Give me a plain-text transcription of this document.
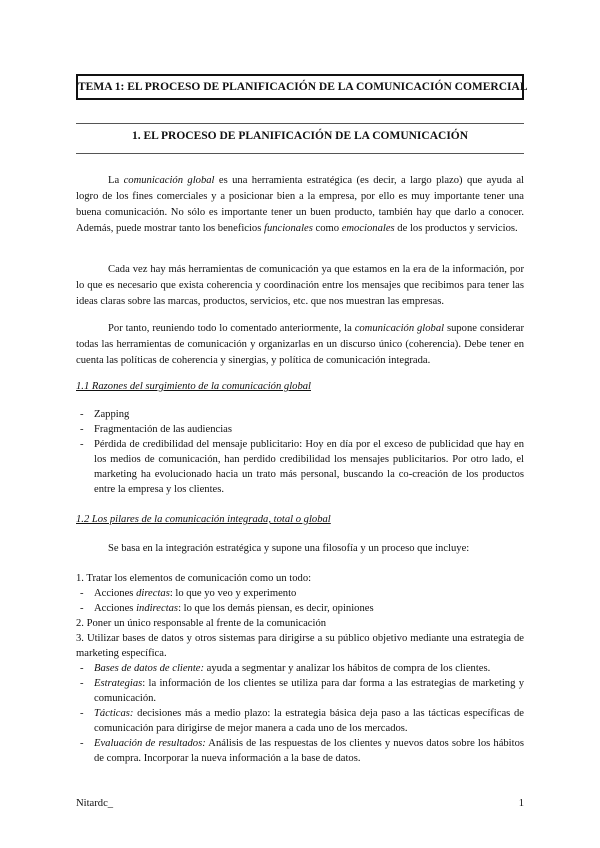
TEMA 1: EL PROCESO DE PLANIFICACIÓN DE LA COMUNICACIÓN COMERCIAL
1. EL PROCESO DE PLANIFICACIÓN DE LA COMUNICACIÓN

La comunicación global es una herramienta estratégica (es decir, a largo plazo) que ayuda al logro de los fines comerciales y a posicionar bien a la empresa, por ello es muy importante tener una buena comunicación. No sólo es importante tener un buen producto, también hay que darlo a conocer. Además, puede mostrar tanto los beneficios funcionales como emocionales de los productos y servicios.

Cada vez hay más herramientas de comunicación ya que estamos en la era de la información, por lo que es necesario que exista coherencia y coordinación entre los mensajes que recibimos para tener las ideas claras sobre las marcas, productos, servicios, etc. que nos muestran las empresas.

Por tanto, reuniendo todo lo comentado anteriormente, la comunicación global supone considerar todas las herramientas de comunicación y organizarlas en un discurso único (coherencia). Debe tener en cuenta las políticas de coherencia y sinergias, y política de comunicación integrada.

1.1 Razones del surgimiento de la comunicación global
- Zapping
- Fragmentación de las audiencias
- Pérdida de credibilidad del mensaje publicitario: Hoy en día por el exceso de publicidad que hay en los medios de comunicación, han perdido credibilidad los mensajes publicitarios. Por otro lado, el marketing ha evolucionado hacia un trato más personal, buscando la co-creación de los productos entre la empresa y los clientes.
1.2 Los pilares de la comunicación integrada, total o global
Se basa en la integración estratégica y supone una filosofía y un proceso que incluye:
1. Tratar los elementos de comunicación como un todo:
- Acciones directas: lo que yo veo y experimento
- Acciones indirectas: lo que los demás piensan, es decir, opiniones
2. Poner un único responsable al frente de la comunicación
3. Utilizar bases de datos y otros sistemas para dirigirse a su público objetivo mediante una estrategia de marketing específica.
- Bases de datos de cliente: ayuda a segmentar y analizar los hábitos de compra de los clientes.
- Estrategias: la información de los clientes se utiliza para dar forma a las estrategias de marketing y comunicación.
- Tácticas: decisiones más a medio plazo: la estrategia básica deja paso a las tácticas específicas de comunicación para dirigirse de mejor manera a cada uno de los mercados.
- Evaluación de resultados: Análisis de las respuestas de los clientes y nuevos datos sobre los hábitos de compra. Incorporar la nueva información a la base de datos.
Nitardc_	1
